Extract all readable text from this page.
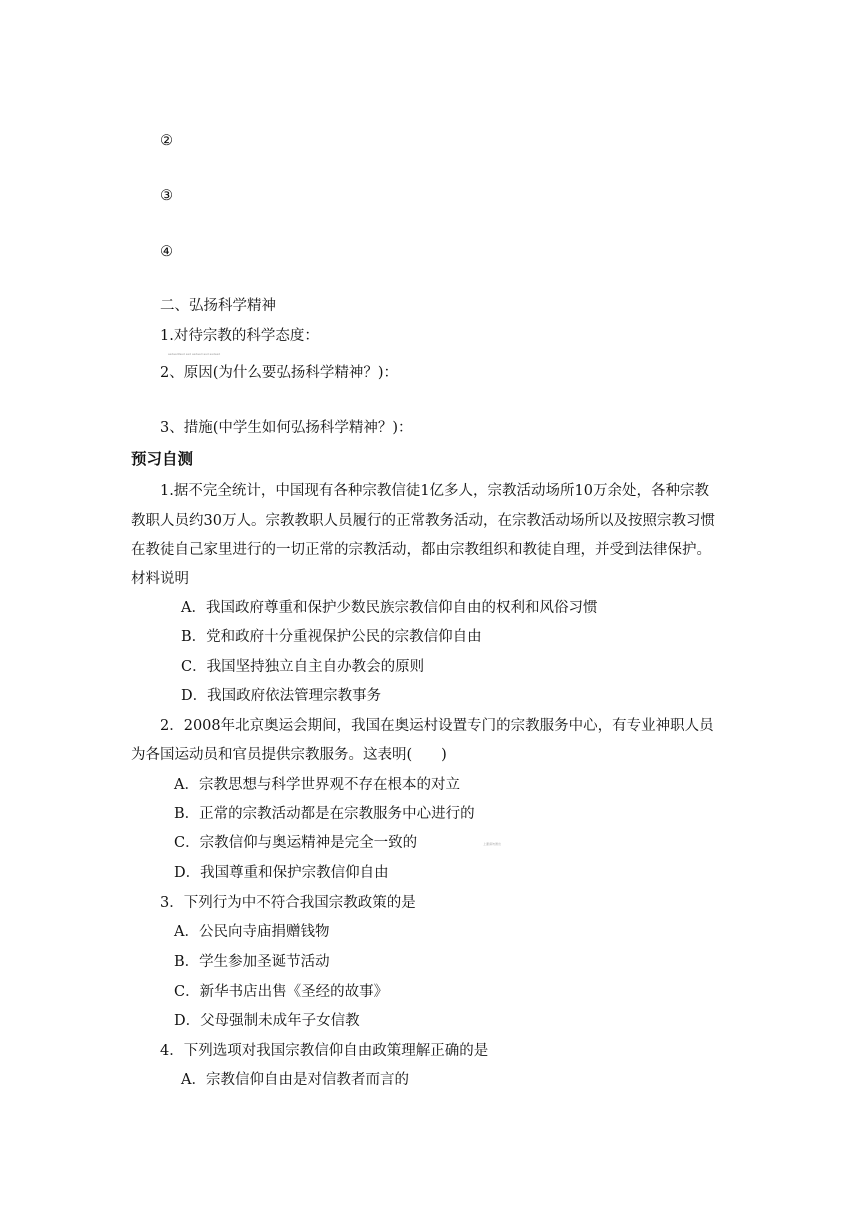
②
③
④
二、弘扬科学精神
1.对待宗教的科学态度：
asdasdfasd asd asdasd asd asdasd
2、原因(为什么要弘扬科学精神？)：
3、措施(中学生如何弘扬科学精神？)：
预习自测
1.据不完全统计，中国现有各种宗教信徒1亿多人，宗教活动场所10万余处，各种宗教
教职人员约30万人。宗教教职人员履行的正常教务活动，在宗教活动场所以及按照宗教习惯
在教徒自己家里进行的一切正常的宗教活动，都由宗教组织和教徒自理，并受到法律保护。
材料说明
A．我国政府尊重和保护少数民族宗教信仰自由的权利和风俗习惯
B．党和政府十分重视保护公民的宗教信仰自由
C．我国坚持独立自主自办教会的原则
D．我国政府依法管理宗教事务
2．2008年北京奥运会期间，我国在奥运村设置专门的宗教服务中心，有专业神职人员
为各国运动员和官员提供宗教服务。这表明(　　)
A．宗教思想与科学世界观不存在根本的对立
B．正常的宗教活动都是在宗教服务中心进行的
C．宗教信仰与奥运精神是完全一致的	上课请勿滑出
D．我国尊重和保护宗教信仰自由
3．下列行为中不符合我国宗教政策的是
A．公民向寺庙捐赠钱物
B．学生参加圣诞节活动
C．新华书店出售《圣经的故事》
D．父母强制未成年子女信教
4．下列选项对我国宗教信仰自由政策理解正确的是
A．宗教信仰自由是对信教者而言的
